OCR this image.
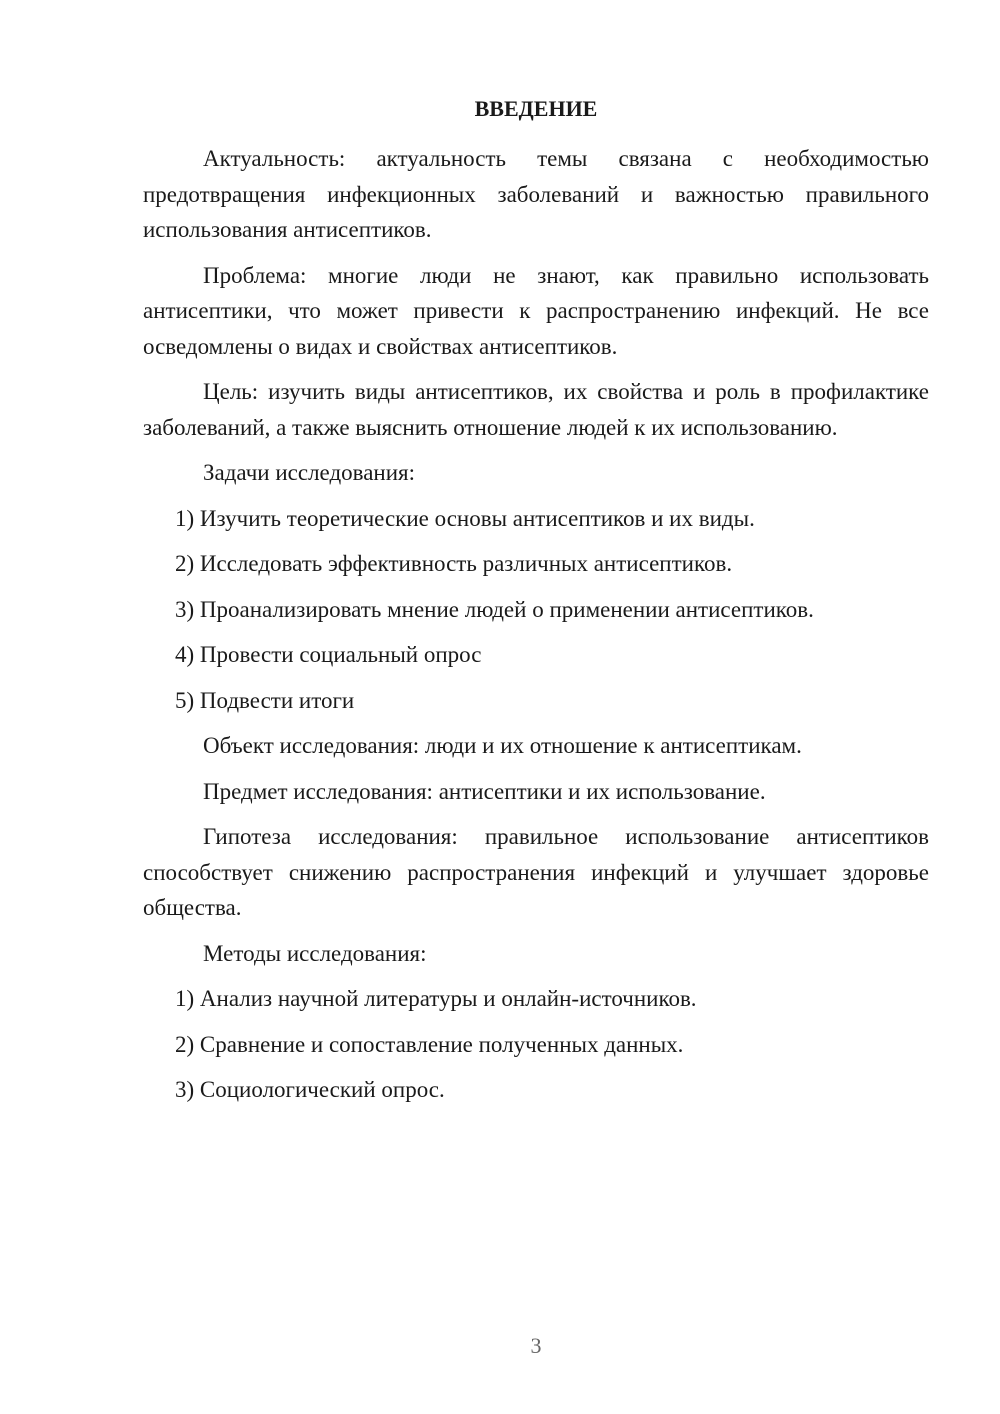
ВВЕДЕНИЕ

Актуальность: актуальность темы связана с необходимостью предотвращения инфекционных заболеваний и важностью правильного использования антисептиков.

Проблема: многие люди не знают, как правильно использовать антисептики, что может привести к распространению инфекций. Не все осведомлены о видах и свойствах антисептиков.

Цель: изучить виды антисептиков, их свойства и роль в профилактике заболеваний, а также выяснить отношение людей к их использованию.

Задачи исследования:

1) Изучить теоретические основы антисептиков и их виды.

2) Исследовать эффективность различных антисептиков.

3) Проанализировать мнение людей о применении антисептиков.

4) Провести социальный опрос

5) Подвести итоги

Объект исследования: люди и их отношение к антисептикам.

Предмет исследования: антисептики и их использование.

Гипотеза исследования: правильное использование антисептиков способствует снижению распространения инфекций и улучшает здоровье общества.

Методы исследования:

1) Анализ научной литературы и онлайн-источников.

2) Сравнение и сопоставление полученных данных.

3) Социологический опрос.

3
